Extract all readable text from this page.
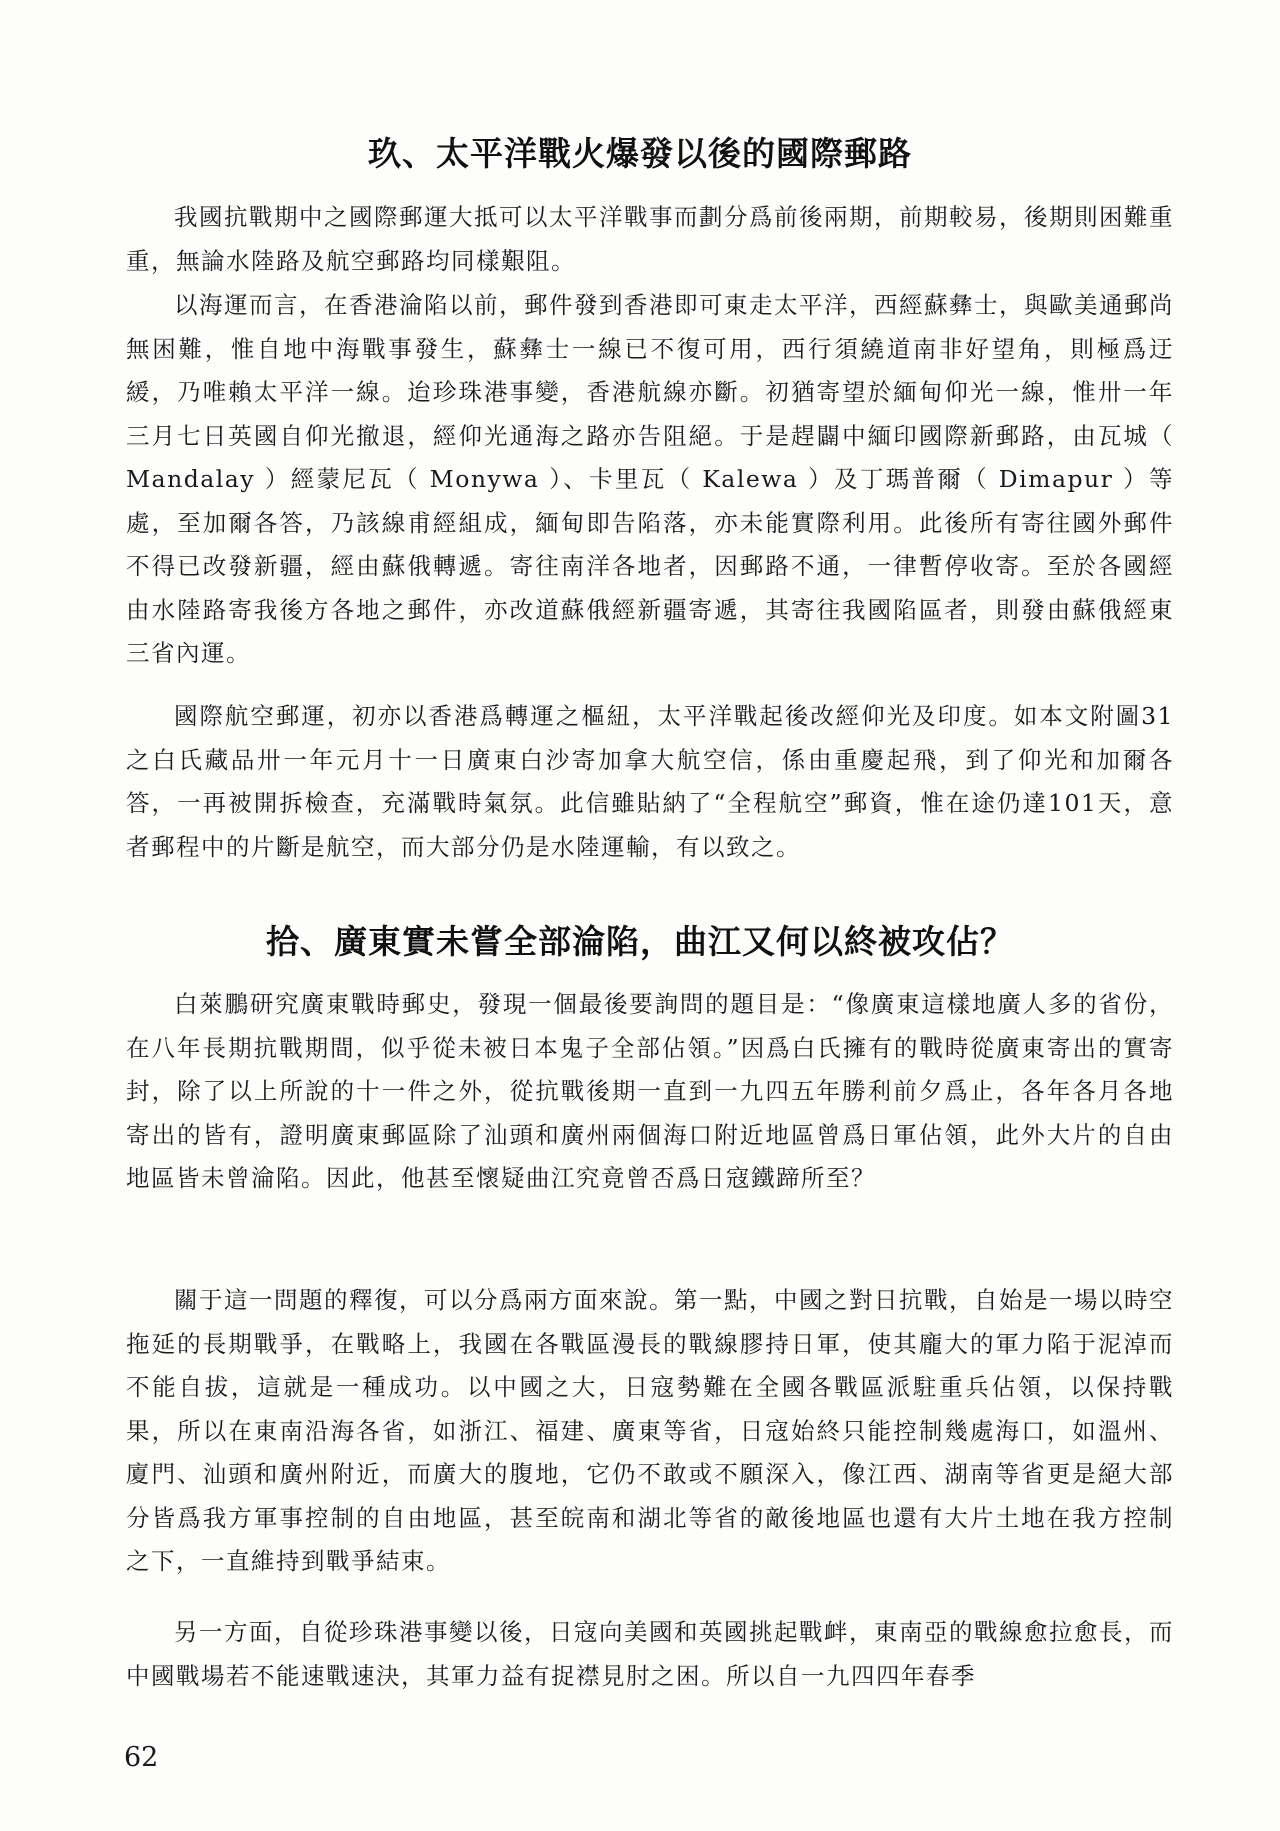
玖、太平洋戰火爆發以後的國際郵路

我國抗戰期中之國際郵運大抵可以太平洋戰事而劃分爲前後兩期，前期較易，後期則困難重重，無論水陸路及航空郵路均同樣艱阻。

以海運而言，在香港淪陷以前，郵件發到香港即可東走太平洋，西經蘇彝士，與歐美通郵尚無困難，惟自地中海戰事發生，蘇彝士一線已不復可用，西行須繞道南非好望角，則極爲迂緩，乃唯賴太平洋一線。迨珍珠港事變，香港航線亦斷。初猶寄望於緬甸仰光一線，惟卅一年三月七日英國自仰光撤退，經仰光通海之路亦告阻絕。于是趕闢中緬印國際新郵路，由瓦城（ Mandalay ）經蒙尼瓦（ Monywa ）、卡里瓦（ Kalewa ）及丁瑪普爾（ Dimapur ）等處，至加爾各答，乃該線甫經組成，緬甸即告陷落，亦未能實際利用。此後所有寄往國外郵件不得已改發新疆，經由蘇俄轉遞。寄往南洋各地者，因郵路不通，一律暫停收寄。至於各國經由水陸路寄我後方各地之郵件，亦改道蘇俄經新疆寄遞，其寄往我國陷區者，則發由蘇俄經東三省內運。

國際航空郵運，初亦以香港爲轉運之樞紐，太平洋戰起後改經仰光及印度。如本文附圖31　之白氏藏品卅一年元月十一日廣東白沙寄加拿大航空信，係由重慶起飛，到了仰光和加爾各答，一再被開拆檢查，充滿戰時氣氛。此信雖貼納了“全程航空”郵資，惟在途仍達101天，意者郵程中的片斷是航空，而大部分仍是水陸運輸，有以致之。

拾、廣東實未嘗全部淪陷，曲江又何以終被攻佔？

白萊鵬研究廣東戰時郵史，發現一個最後要詢問的題目是：“像廣東這樣地廣人多的省份，在八年長期抗戰期間，似乎從未被日本鬼子全部佔領。”因爲白氏擁有的戰時從廣東寄出的實寄封，除了以上所說的十一件之外，從抗戰後期一直到一九四五年勝利前夕爲止，各年各月各地寄出的皆有，證明廣東郵區除了汕頭和廣州兩個海口附近地區曾爲日軍佔領，此外大片的自由地區皆未曾淪陷。因此，他甚至懷疑曲江究竟曾否爲日寇鐵蹄所至？

關于這一問題的釋復，可以分爲兩方面來說。第一點，中國之對日抗戰，自始是一場以時空拖延的長期戰爭，在戰略上，我國在各戰區漫長的戰線膠持日軍，使其龐大的軍力陷于泥淖而不能自拔，這就是一種成功。以中國之大，日寇勢難在全國各戰區派駐重兵佔領，以保持戰果，所以在東南沿海各省，如浙江、福建、廣東等省，日寇始終只能控制幾處海口，如溫州、廈門、汕頭和廣州附近，而廣大的腹地，它仍不敢或不願深入，像江西、湖南等省更是絕大部分皆爲我方軍事控制的自由地區，甚至皖南和湖北等省的敵後地區也還有大片土地在我方控制之下，一直維持到戰爭結束。

另一方面，自從珍珠港事變以後，日寇向美國和英國挑起戰衅，東南亞的戰線愈拉愈長，而中國戰場若不能速戰速決，其軍力益有捉襟見肘之困。所以自一九四四年春季

62
